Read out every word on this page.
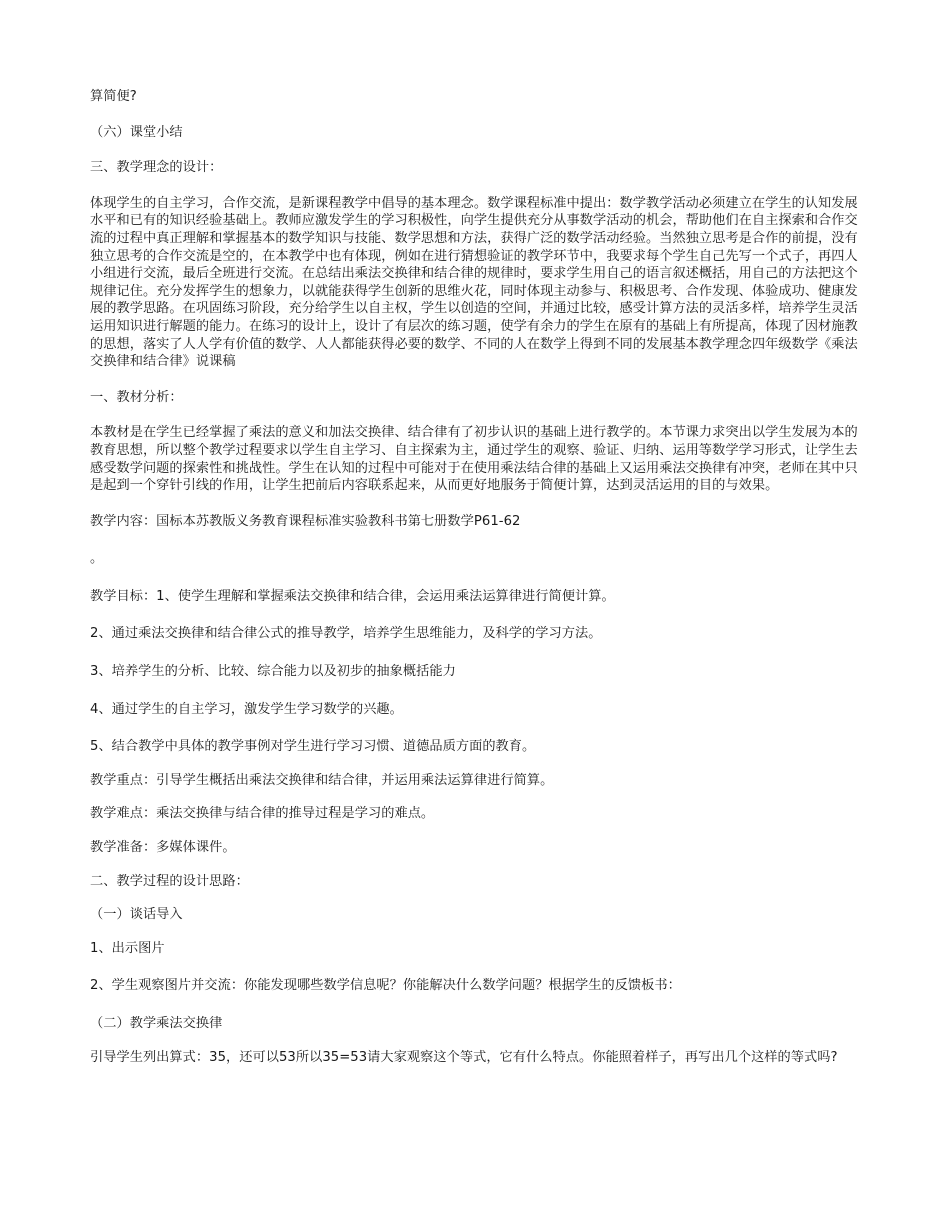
算简便?

（六）课堂小结

三、教学理念的设计：

体现学生的自主学习，合作交流，是新课程教学中倡导的基本理念。数学课程标准中提出：数学教学活动必须建立在学生的认知发展水平和已有的知识经验基础上。教师应激发学生的学习积极性，向学生提供充分从事数学活动的机会，帮助他们在自主探索和合作交流的过程中真正理解和掌握基本的数学知识与技能、数学思想和方法，获得广泛的数学活动经验。当然独立思考是合作的前提，没有独立思考的合作交流是空的，在本教学中也有体现，例如在进行猜想验证的教学环节中，我要求每个学生自己先写一个式子，再四人小组进行交流，最后全班进行交流。在总结出乘法交换律和结合律的规律时，要求学生用自己的语言叙述概括，用自己的方法把这个规律记住。充分发挥学生的想象力，以就能获得学生创新的思维火花，同时体现主动参与、积极思考、合作发现、体验成功、健康发展的教学思路。在巩固练习阶段，充分给学生以自主权，学生以创造的空间，并通过比较，感受计算方法的灵活多样，培养学生灵活运用知识进行解题的能力。在练习的设计上，设计了有层次的练习题，使学有余力的学生在原有的基础上有所提高，体现了因材施教的思想，落实了人人学有价值的数学、人人都能获得必要的数学、不同的人在数学上得到不同的发展基本教学理念四年级数学《乘法交换律和结合律》说课稿

一、教材分析：

本教材是在学生已经掌握了乘法的意义和加法交换律、结合律有了初步认识的基础上进行教学的。本节课力求突出以学生发展为本的教育思想，所以整个教学过程要求以学生自主学习、自主探索为主，通过学生的观察、验证、归纳、运用等数学学习形式，让学生去感受数学问题的探索性和挑战性。学生在认知的过程中可能对于在使用乘法结合律的基础上又运用乘法交换律有冲突，老师在其中只是起到一个穿针引线的作用，让学生把前后内容联系起来，从而更好地服务于简便计算，达到灵活运用的目的与效果。

教学内容：国标本苏教版义务教育课程标准实验教科书第七册数学P61-62

。

教学目标：1、使学生理解和掌握乘法交换律和结合律，会运用乘法运算律进行简便计算。

2、通过乘法交换律和结合律公式的推导教学，培养学生思维能力，及科学的学习方法。

3、培养学生的分析、比较、综合能力以及初步的抽象概括能力

4、通过学生的自主学习，激发学生学习数学的兴趣。

5、结合教学中具体的教学事例对学生进行学习习惯、道德品质方面的教育。

教学重点：引导学生概括出乘法交换律和结合律，并运用乘法运算律进行简算。

教学难点：乘法交换律与结合律的推导过程是学习的难点。

教学准备：多媒体课件。

二、教学过程的设计思路：

（一）谈话导入

1、出示图片

2、学生观察图片并交流：你能发现哪些数学信息呢？你能解决什么数学问题？根据学生的反馈板书：

（二）教学乘法交换律

引导学生列出算式：35，还可以53所以35=53请大家观察这个等式，它有什么特点。你能照着样子，再写出几个这样的等式吗?
